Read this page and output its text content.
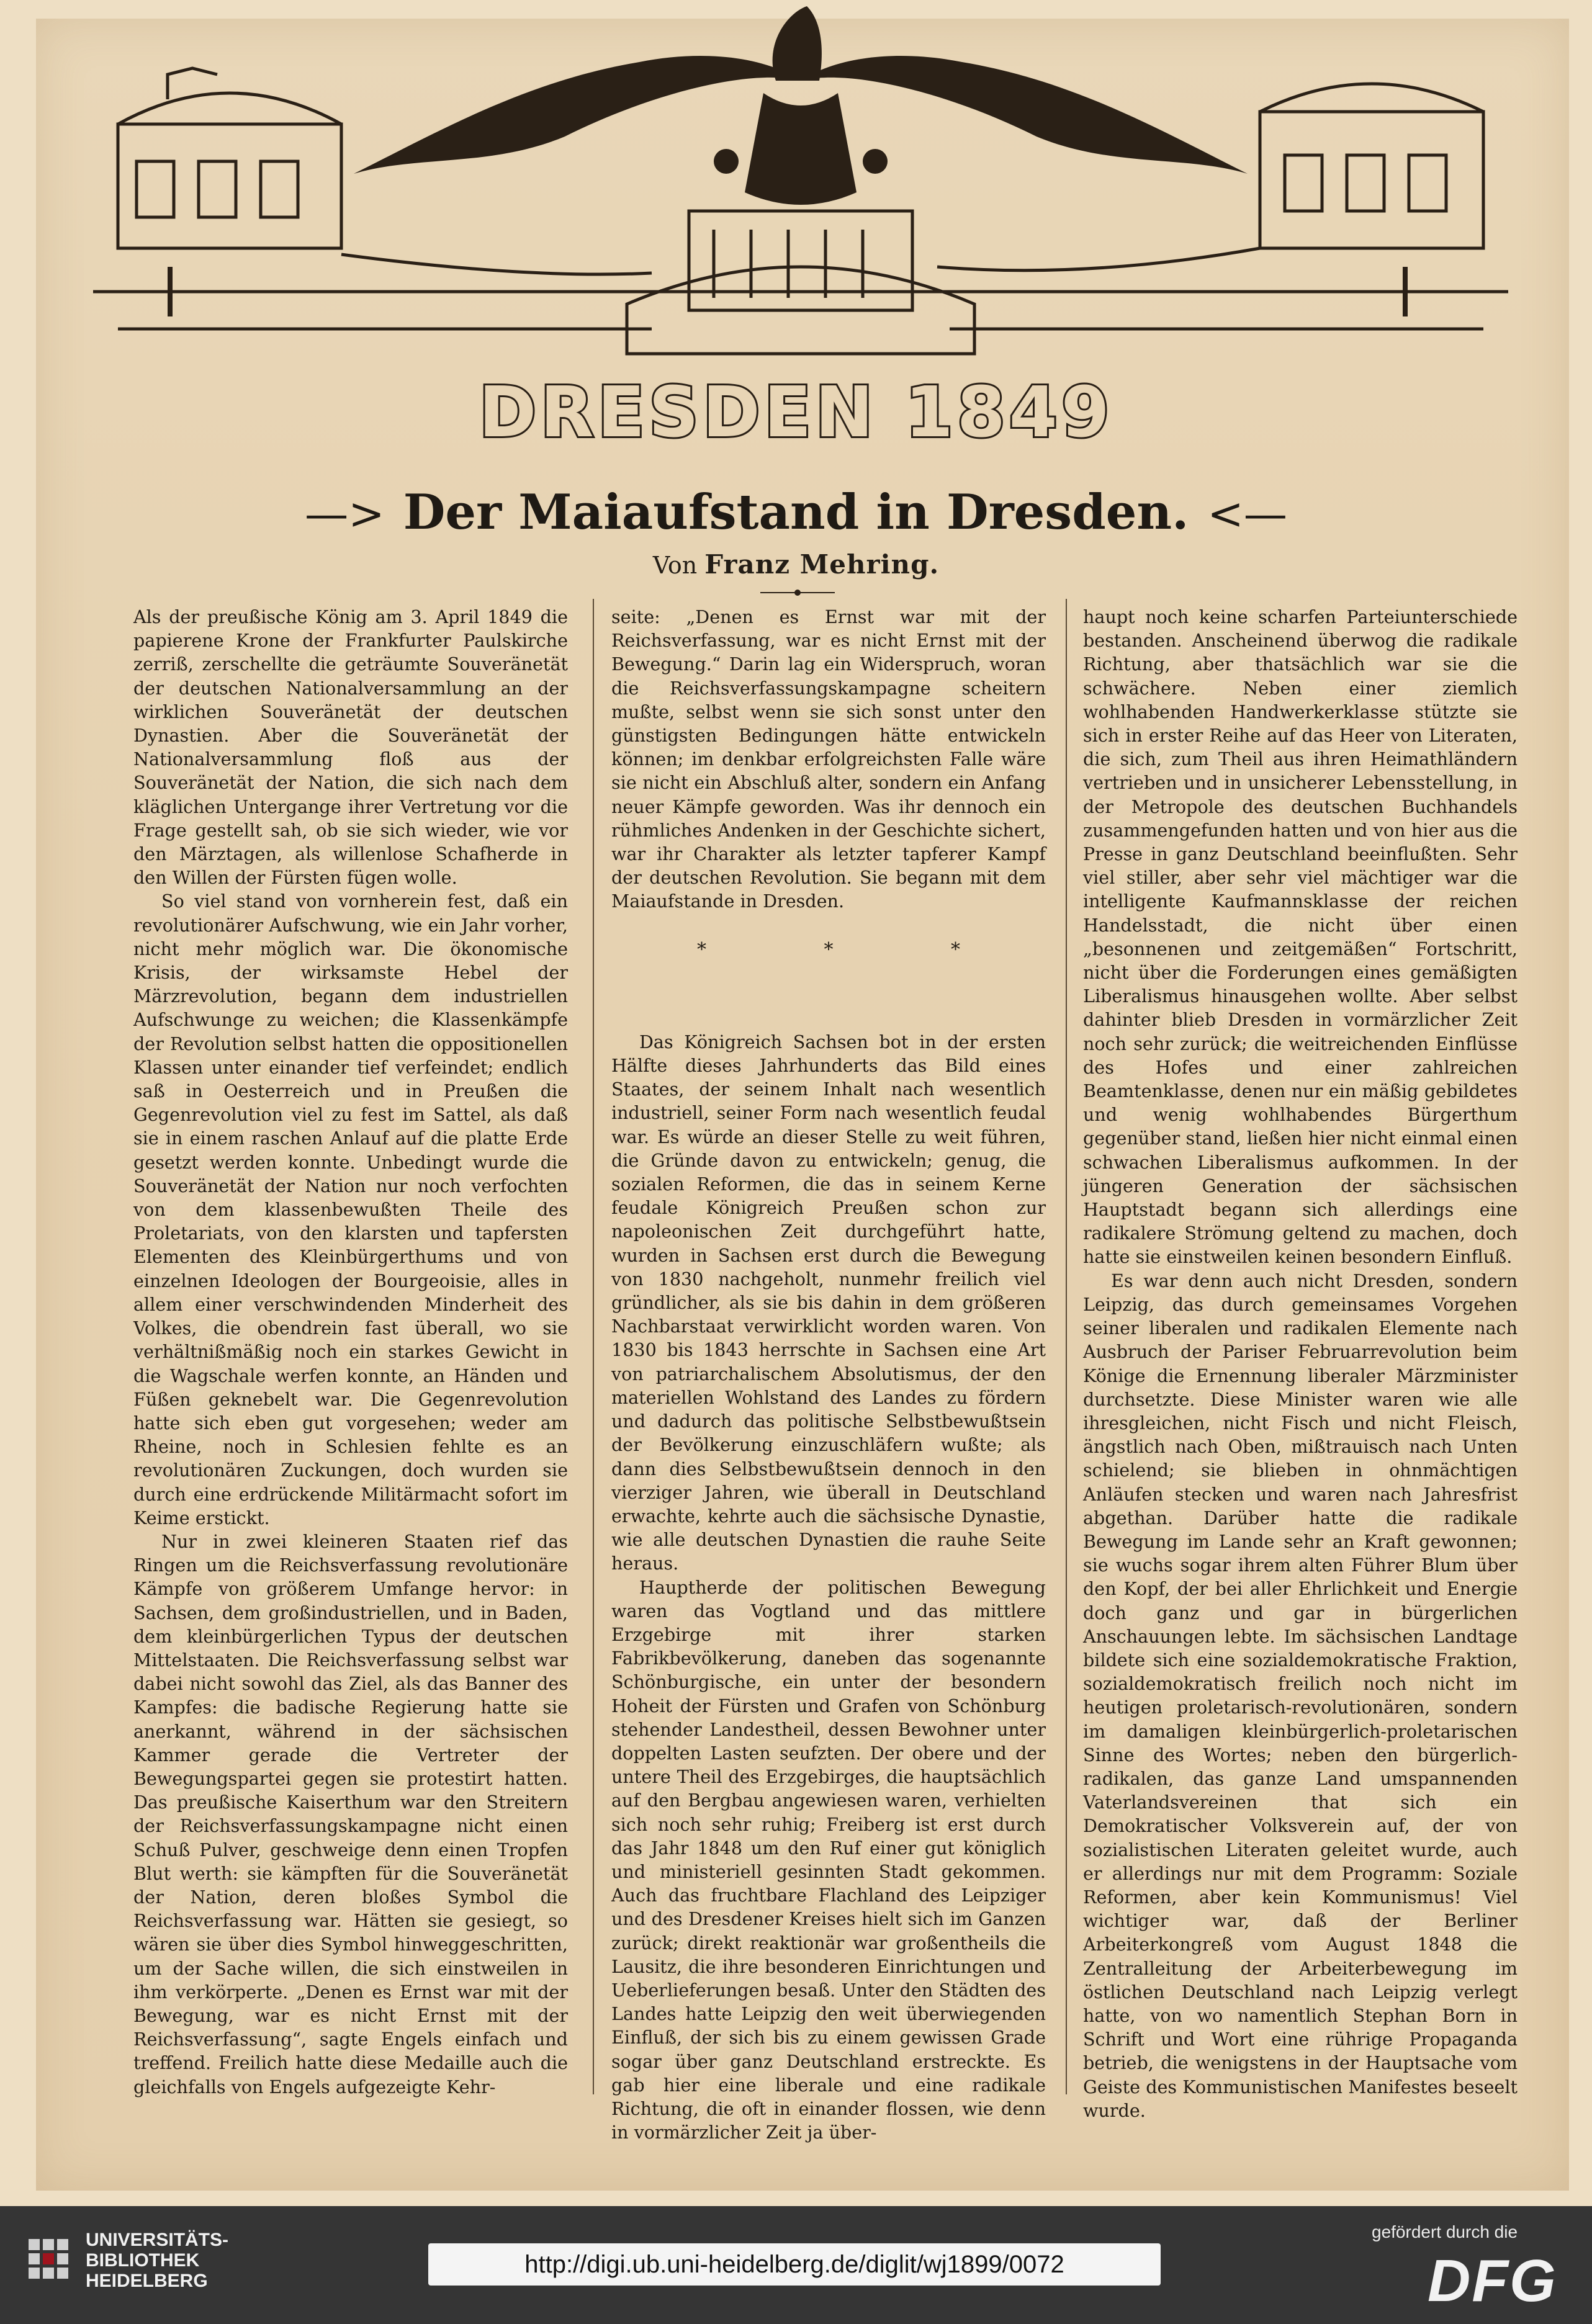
DRESDEN 1849
—> Der Maiaufstand in Dresden. <—
Von Franz Mehring.

Als der preußische König am 3. April 1849 die papierene Krone der Frankfurter Paulskirche zerriß, zerschellte die geträumte Souveränetät der deutschen Nationalversammlung an der wirklichen Souveränetät der deutschen Dynastien. Aber die Souveränetät der Nationalversammlung floß aus der Souveränetät der Nation, die sich nach dem kläglichen Untergange ihrer Vertretung vor die Frage gestellt sah, ob sie sich wieder, wie vor den Märztagen, als willenlose Schafherde in den Willen der Fürsten fügen wolle.

So viel stand von vornherein fest, daß ein revolutionärer Aufschwung, wie ein Jahr vorher, nicht mehr möglich war. Die ökonomische Krisis, der wirksamste Hebel der Märzrevolution, begann dem industriellen Aufschwunge zu weichen; die Klassenkämpfe der Revolution selbst hatten die oppositionellen Klassen unter einander tief verfeindet; endlich saß in Oesterreich und in Preußen die Gegenrevolution viel zu fest im Sattel, als daß sie in einem raschen Anlauf auf die platte Erde gesetzt werden konnte. Unbedingt wurde die Souveränetät der Nation nur noch verfochten von dem klassenbewußten Theile des Proletariats, von den klarsten und tapfersten Elementen des Kleinbürgerthums und von einzelnen Ideologen der Bourgeoisie, alles in allem einer verschwindenden Minderheit des Volkes, die obendrein fast überall, wo sie verhältnißmäßig noch ein starkes Gewicht in die Wagschale werfen konnte, an Händen und Füßen geknebelt war. Die Gegenrevolution hatte sich eben gut vorgesehen; weder am Rheine, noch in Schlesien fehlte es an revolutionären Zuckungen, doch wurden sie durch eine erdrückende Militärmacht sofort im Keime erstickt.

Nur in zwei kleineren Staaten rief das Ringen um die Reichsverfassung revolutionäre Kämpfe von größerem Umfange hervor: in Sachsen, dem großindustriellen, und in Baden, dem kleinbürgerlichen Typus der deutschen Mittelstaaten. Die Reichsverfassung selbst war dabei nicht sowohl das Ziel, als das Banner des Kampfes: die badische Regierung hatte sie anerkannt, während in der sächsischen Kammer gerade die Vertreter der Bewegungspartei gegen sie protestirt hatten. Das preußische Kaiserthum war den Streitern der Reichsverfassungskampagne nicht einen Schuß Pulver, geschweige denn einen Tropfen Blut werth: sie kämpften für die Souveränetät der Nation, deren bloßes Symbol die Reichsverfassung war. Hätten sie gesiegt, so wären sie über dies Symbol hinweggeschritten, um der Sache willen, die sich einstweilen in ihm verkörperte. „Denen es Ernst war mit der Bewegung, war es nicht Ernst mit der Reichsverfassung“, sagte Engels einfach und treffend. Freilich hatte diese Medaille auch die gleichfalls von Engels aufgezeigte Kehr-

seite: „Denen es Ernst war mit der Reichsverfassung, war es nicht Ernst mit der Bewegung.“ Darin lag ein Widerspruch, woran die Reichsverfassungskampagne scheitern mußte, selbst wenn sie sich sonst unter den günstigsten Bedingungen hätte entwickeln können; im denkbar erfolgreichsten Falle wäre sie nicht ein Abschluß alter, sondern ein Anfang neuer Kämpfe geworden. Was ihr dennoch ein rühmliches Andenken in der Geschichte sichert, war ihr Charakter als letzter tapferer Kampf der deutschen Revolution. Sie begann mit dem Maiaufstande in Dresden.

* * *

Das Königreich Sachsen bot in der ersten Hälfte dieses Jahrhunderts das Bild eines Staates, der seinem Inhalt nach wesentlich industriell, seiner Form nach wesentlich feudal war. Es würde an dieser Stelle zu weit führen, die Gründe davon zu entwickeln; genug, die sozialen Reformen, die das in seinem Kerne feudale Königreich Preußen schon zur napoleonischen Zeit durchgeführt hatte, wurden in Sachsen erst durch die Bewegung von 1830 nachgeholt, nunmehr freilich viel gründlicher, als sie bis dahin in dem größeren Nachbarstaat verwirklicht worden waren. Von 1830 bis 1843 herrschte in Sachsen eine Art von patriarchalischem Absolutismus, der den materiellen Wohlstand des Landes zu fördern und dadurch das politische Selbstbewußtsein der Bevölkerung einzuschläfern wußte; als dann dies Selbstbewußtsein dennoch in den vierziger Jahren, wie überall in Deutschland erwachte, kehrte auch die sächsische Dynastie, wie alle deutschen Dynastien die rauhe Seite heraus.

Hauptherde der politischen Bewegung waren das Vogtland und das mittlere Erzgebirge mit ihrer starken Fabrikbevölkerung, daneben das sogenannte Schönburgische, ein unter der besondern Hoheit der Fürsten und Grafen von Schönburg stehender Landestheil, dessen Bewohner unter doppelten Lasten seufzten. Der obere und der untere Theil des Erzgebirges, die hauptsächlich auf den Bergbau angewiesen waren, verhielten sich noch sehr ruhig; Freiberg ist erst durch das Jahr 1848 um den Ruf einer gut königlich und ministeriell gesinnten Stadt gekommen. Auch das fruchtbare Flachland des Leipziger und des Dresdener Kreises hielt sich im Ganzen zurück; direkt reaktionär war großentheils die Lausitz, die ihre besonderen Einrichtungen und Ueberlieferungen besaß. Unter den Städten des Landes hatte Leipzig den weit überwiegenden Einfluß, der sich bis zu einem gewissen Grade sogar über ganz Deutschland erstreckte. Es gab hier eine liberale und eine radikale Richtung, die oft in einander flossen, wie denn in vormärzlicher Zeit ja über-

haupt noch keine scharfen Parteiunterschiede bestanden. Anscheinend überwog die radikale Richtung, aber thatsächlich war sie die schwächere. Neben einer ziemlich wohlhabenden Handwerkerklasse stützte sie sich in erster Reihe auf das Heer von Literaten, die sich, zum Theil aus ihren Heimathländern vertrieben und in unsicherer Lebensstellung, in der Metropole des deutschen Buchhandels zusammengefunden hatten und von hier aus die Presse in ganz Deutschland beeinflußten. Sehr viel stiller, aber sehr viel mächtiger war die intelligente Kaufmannsklasse der reichen Handelsstadt, die nicht über einen „besonnenen und zeitgemäßen“ Fortschritt, nicht über die Forderungen eines gemäßigten Liberalismus hinausgehen wollte. Aber selbst dahinter blieb Dresden in vormärzlicher Zeit noch sehr zurück; die weitreichenden Einflüsse des Hofes und einer zahlreichen Beamtenklasse, denen nur ein mäßig gebildetes und wenig wohlhabendes Bürgerthum gegenüber stand, ließen hier nicht einmal einen schwachen Liberalismus aufkommen. In der jüngeren Generation der sächsischen Hauptstadt begann sich allerdings eine radikalere Strömung geltend zu machen, doch hatte sie einstweilen keinen besondern Einfluß.

Es war denn auch nicht Dresden, sondern Leipzig, das durch gemeinsames Vorgehen seiner liberalen und radikalen Elemente nach Ausbruch der Pariser Februarrevolution beim Könige die Ernennung liberaler Märzminister durchsetzte. Diese Minister waren wie alle ihresgleichen, nicht Fisch und nicht Fleisch, ängstlich nach Oben, mißtrauisch nach Unten schielend; sie blieben in ohnmächtigen Anläufen stecken und waren nach Jahresfrist abgethan. Darüber hatte die radikale Bewegung im Lande sehr an Kraft gewonnen; sie wuchs sogar ihrem alten Führer Blum über den Kopf, der bei aller Ehrlichkeit und Energie doch ganz und gar in bürgerlichen Anschauungen lebte. Im sächsischen Landtage bildete sich eine sozialdemokratische Fraktion, sozialdemokratisch freilich noch nicht im heutigen proletarisch-revolutionären, sondern im damaligen kleinbürgerlich-proletarischen Sinne des Wortes; neben den bürgerlich-radikalen, das ganze Land umspannenden Vaterlandsvereinen that sich ein Demokratischer Volksverein auf, der von sozialistischen Literaten geleitet wurde, auch er allerdings nur mit dem Programm: Soziale Reformen, aber kein Kommunismus! Viel wichtiger war, daß der Berliner Arbeiterkongreß vom August 1848 die Zentralleitung der Arbeiterbewegung im östlichen Deutschland nach Leipzig verlegt hatte, von wo namentlich Stephan Born in Schrift und Wort eine rührige Propaganda betrieb, die wenigstens in der Hauptsache vom Geiste des Kommunistischen Manifestes beseelt wurde.

UNIVERSITÄTS-
BIBLIOTHEK
HEIDELBERG
http://digi.ub.uni-heidelberg.de/diglit/wj1899/0072
gefördert durch die
DFG
